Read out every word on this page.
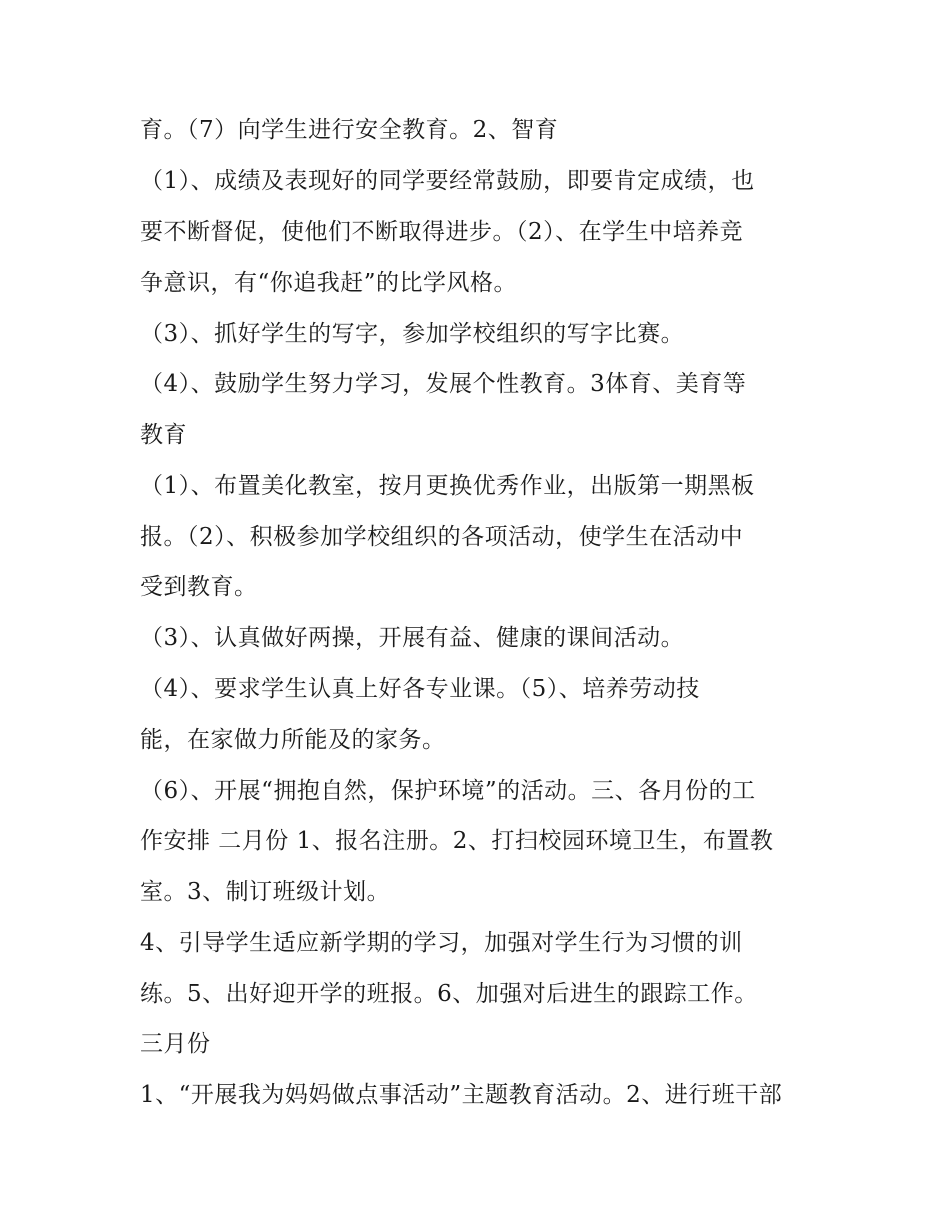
育。（7）向学生进行安全教育。2、智育
（1）、成绩及表现好的同学要经常鼓励，即要肯定成绩，也
要不断督促，使他们不断取得进步。（2）、在学生中培养竞
争意识，有“你追我赶”的比学风格。
（3）、抓好学生的写字，参加学校组织的写字比赛。
（4）、鼓励学生努力学习，发展个性教育。3体育、美育等
教育
（1）、布置美化教室，按月更换优秀作业，出版第一期黑板
报。（2）、积极参加学校组织的各项活动，使学生在活动中
受到教育。
（3）、认真做好两操，开展有益、健康的课间活动。
（4）、要求学生认真上好各专业课。（5）、培养劳动技
能，在家做力所能及的家务。
（6）、开展“拥抱自然，保护环境”的活动。三、各月份的工
作安排 二月份 1、报名注册。2、打扫校园环境卫生，布置教
室。3、制订班级计划。
4、引导学生适应新学期的学习，加强对学生行为习惯的训
练。5、出好迎开学的班报。6、加强对后进生的跟踪工作。
三月份
1、“开展我为妈妈做点事活动”主题教育活动。2、进行班干部
